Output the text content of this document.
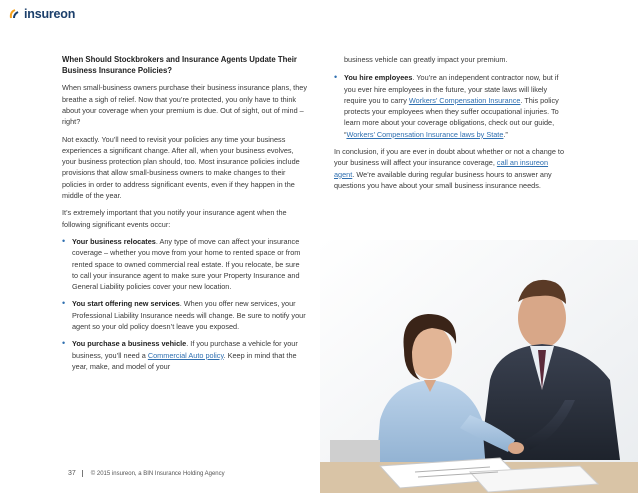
insureon
When Should Stockbrokers and Insurance Agents Update Their Business Insurance Policies?

When small-business owners purchase their business insurance plans, they breathe a sigh of relief. Now that you’re protected, you only have to think about your coverage when your premium is due. Out of sight, out of mind – right?

Not exactly. You’ll need to revisit your policies any time your business experiences a significant change. After all, when your business evolves, your business protection plan should, too. Most insurance policies include provisions that allow small-business owners to make changes to their policies in order to address significant events, even if they happen in the middle of the year.

It’s extremely important that you notify your insurance agent when the following significant events occur:

• Your business relocates. Any type of move can affect your insurance coverage – whether you move from your home to rented space or from rented space to owned commercial real estate. If you relocate, be sure to call your insurance agent to make sure your Property Insurance and General Liability policies cover your new location.
• You start offering new services. When you offer new services, your Professional Liability Insurance needs will change. Be sure to notify your agent so your old policy doesn’t leave you exposed.
• You purchase a business vehicle. If you purchase a vehicle for your business, you’ll need a Commercial Auto policy. Keep in mind that the year, make, and model of your
business vehicle can greatly impact your premium.
• You hire employees. You’re an independent contractor now, but if you ever hire employees in the future, your state laws will likely require you to carry Workers’ Compensation Insurance. This policy protects your employees when they suffer occupational injuries. To learn more about your coverage obligations, check out our guide, “Workers’ Compensation Insurance laws by State.”

In conclusion, if you are ever in doubt about whether or not a change to your business will affect your insurance coverage, call an insureon agent. We’re available during regular business hours to answer any questions you have about your small business insurance needs.

37	© 2015 insureon, a BIN Insurance Holding Agency
